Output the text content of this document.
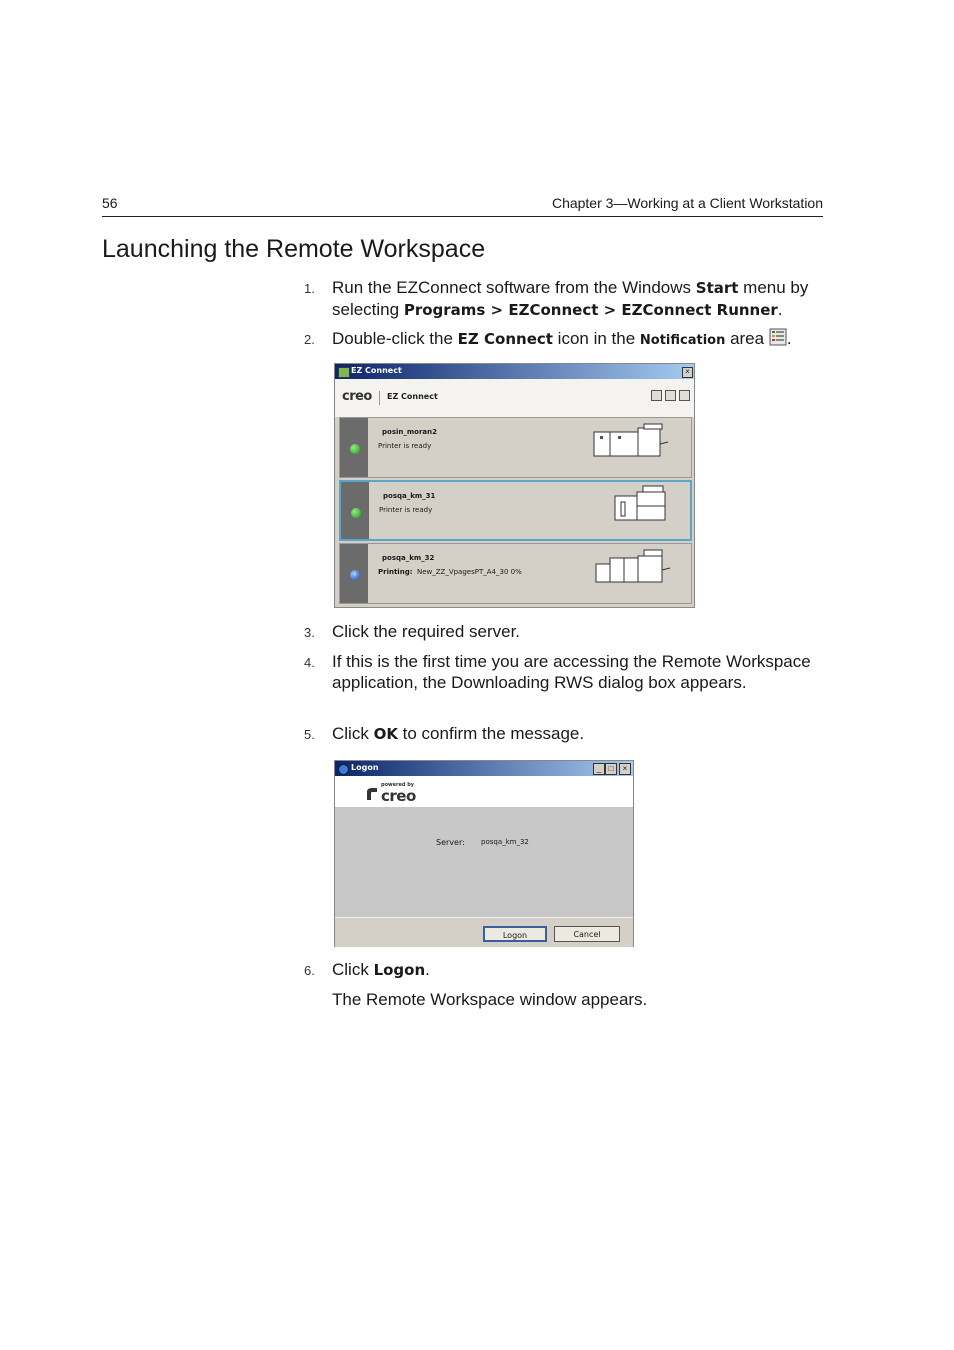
56	Chapter 3—Working at a Client Workstation
Launching the Remote Workspace
1. Run the EZConnect software from the Windows Start menu by selecting Programs > EZConnect > EZConnect Runner.
2. Double-click the EZ Connect icon in the Notification area .
EZ Connect	×
creo EZ Connect
posin_moran2
Printer is ready
posqa_km_31
Printer is ready
›
posqa_km_32
Printing: New_ZZ_VpagesPT_A4_30 0%
3. Click the required server.
4. If this is the first time you are accessing the Remote Workspace application, the Downloading RWS dialog box appears.
5. Click OK to confirm the message.
Logon	_ □	×
powered by
creo
Server: posqa_km_32
Logon	Cancel
6. Click Logon.
The Remote Workspace window appears.
